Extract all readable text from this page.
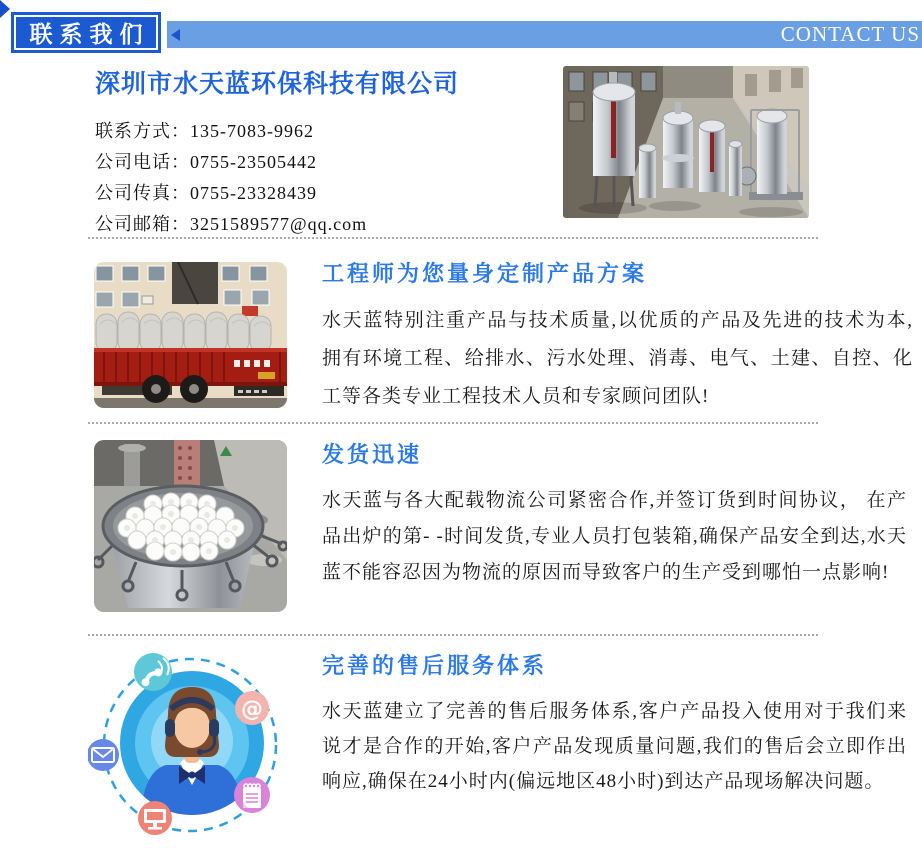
联系我们	CONTACT US
深圳市水天蓝环保科技有限公司
联系方式：135-7083-9962
公司电话：0755-23505442
公司传真：0755-23328439
公司邮箱：3251589577@qq.com
工程师为您量身定制产品方案

水天蓝特别注重产品与技术质量,以优质的产品及先进的技术为本,拥有环境工程、给排水、污水处理、消毒、电气、土建、自控、化工等各类专业工程技术人员和专家顾问团队!

发货迅速

水天蓝与各大配载物流公司紧密合作,并签订货到时间协议， 在产品出炉的第- -时间发货,专业人员打包装箱,确保产品安全到达,水天蓝不能容忍因为物流的原因而导致客户的生产受到哪怕一点影响!

@
完善的售后服务体系

水天蓝建立了完善的售后服务体系,客户产品投入使用对于我们来说才是合作的开始,客户产品发现质量问题,我们的售后会立即作出响应,确保在24小时内(偏远地区48小时)到达产品现场解决问题。
